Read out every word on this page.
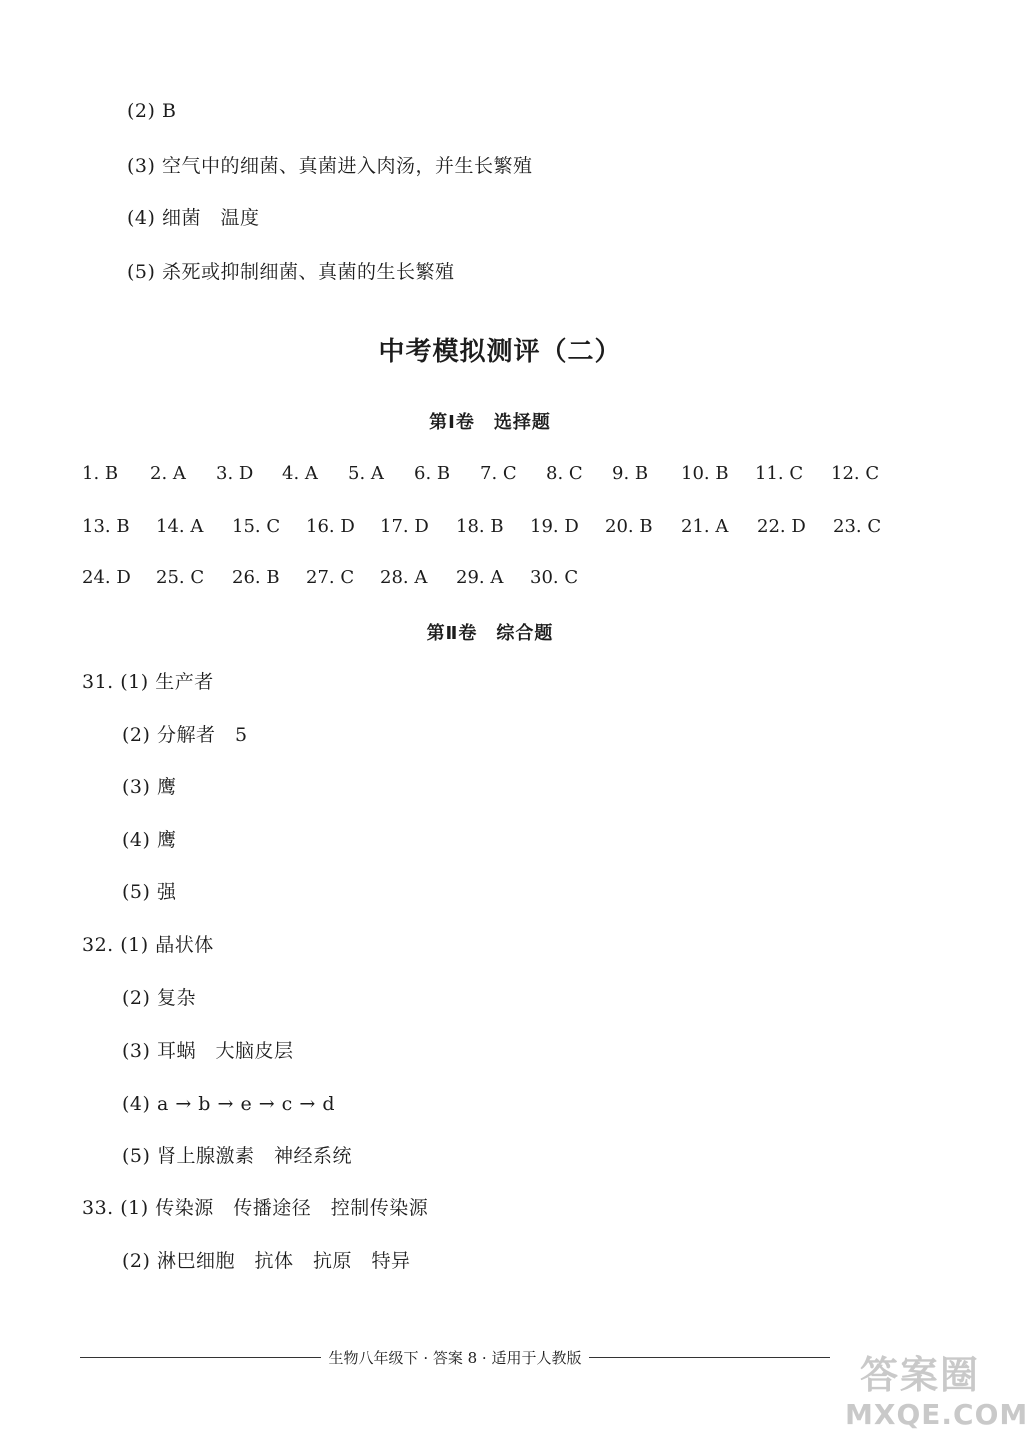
(2) B
(3) 空气中的细菌、真菌进入肉汤，并生长繁殖
(4) 细菌　温度
(5) 杀死或抑制细菌、真菌的生长繁殖
中考模拟测评（二）
第Ⅰ卷　选择题
1. B 2. A 3. D 4. A 5. A 6. B 7. C 8. C 9. B 10. B 11. C 12. C
13. B 14. A 15. C 16. D 17. D 18. B 19. D 20. B 21. A 22. D 23. C
24. D 25. C 26. B 27. C 28. A 29. A 30. C
第Ⅱ卷　综合题
31. (1) 生产者
(2) 分解者　5
(3) 鹰
(4) 鹰
(5) 强
32. (1) 晶状体
(2) 复杂
(3) 耳蜗　大脑皮层
(4) a → b → e → c → d
(5) 肾上腺激素　神经系统
33. (1) 传染源　传播途径　控制传染源
(2) 淋巴细胞　抗体　抗原　特异
生物八年级下 · 答案 8 · 适用于人教版	答案圈
MXQE.COM
